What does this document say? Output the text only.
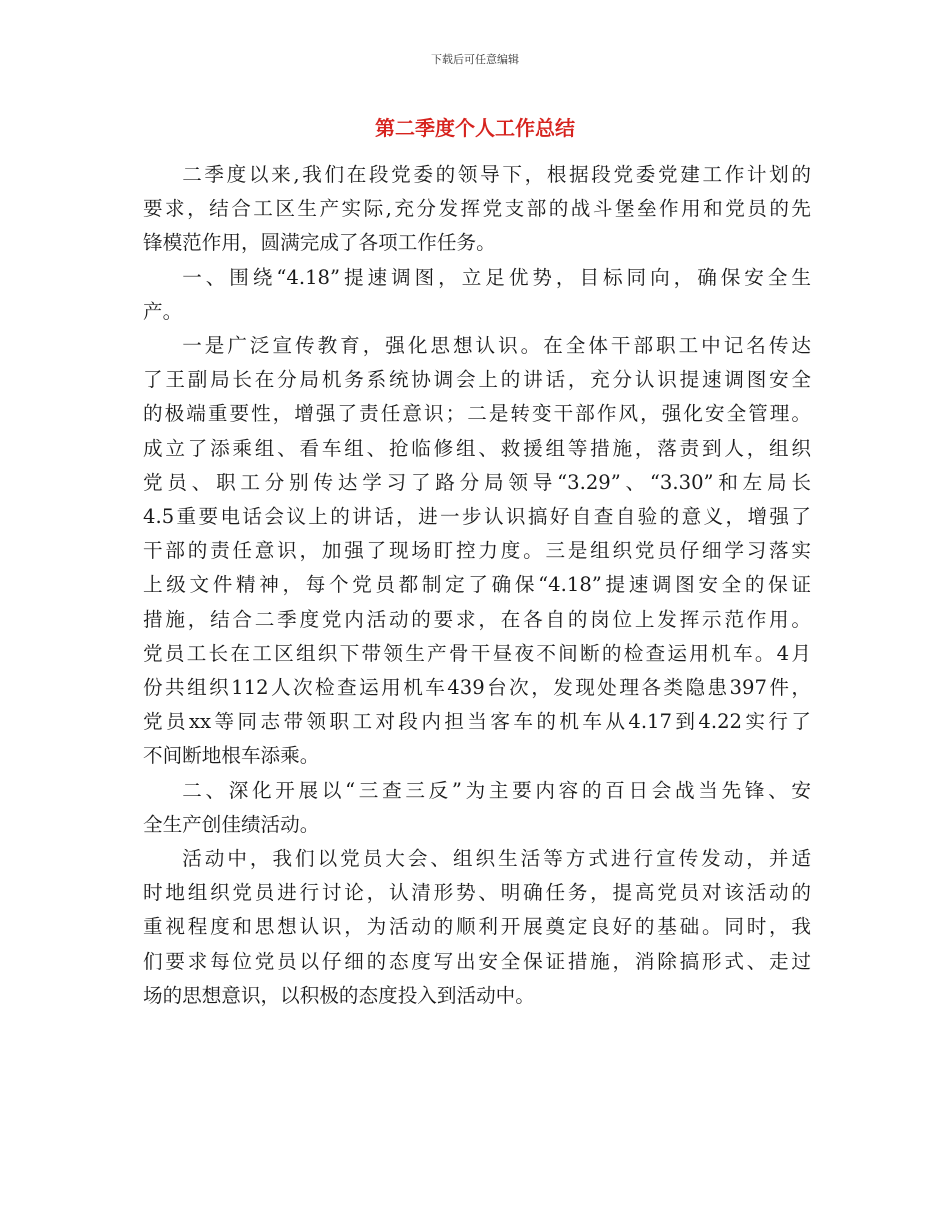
下载后可任意编辑
第二季度个人工作总结

二季度以来,我们在段党委的领导下，根据段党委党建工作计划的
要求，结合工区生产实际,充分发挥党支部的战斗堡垒作用和党员的先
锋模范作用，圆满完成了各项工作任务。

一、围绕“4.18”提速调图，立足优势，目标同向，确保安全生
产。

一是广泛宣传教育，强化思想认识。在全体干部职工中记名传达
了王副局长在分局机务系统协调会上的讲话，充分认识提速调图安全
的极端重要性，增强了责任意识；二是转变干部作风，强化安全管理。
成立了添乘组、看车组、抢临修组、救援组等措施，落责到人，组织
党员、职工分别传达学习了路分局领导“3.29”、“3.30”和左局长
4.5重要电话会议上的讲话，进一步认识搞好自查自验的意义，增强了
干部的责任意识，加强了现场盯控力度。三是组织党员仔细学习落实
上级文件精神，每个党员都制定了确保“4.18”提速调图安全的保证
措施，结合二季度党内活动的要求，在各自的岗位上发挥示范作用。
党员工长在工区组织下带领生产骨干昼夜不间断的检查运用机车。4月
份共组织112人次检查运用机车439台次，发现处理各类隐患397件，
党员xx等同志带领职工对段内担当客车的机车从4.17到4.22实行了
不间断地根车添乘。

二、深化开展以“三查三反”为主要内容的百日会战当先锋、安
全生产创佳绩活动。

活动中，我们以党员大会、组织生活等方式进行宣传发动，并适
时地组织党员进行讨论，认清形势、明确任务，提高党员对该活动的
重视程度和思想认识，为活动的顺利开展奠定良好的基础。同时，我
们要求每位党员以仔细的态度写出安全保证措施，消除搞形式、走过
场的思想意识，以积极的态度投入到活动中。
